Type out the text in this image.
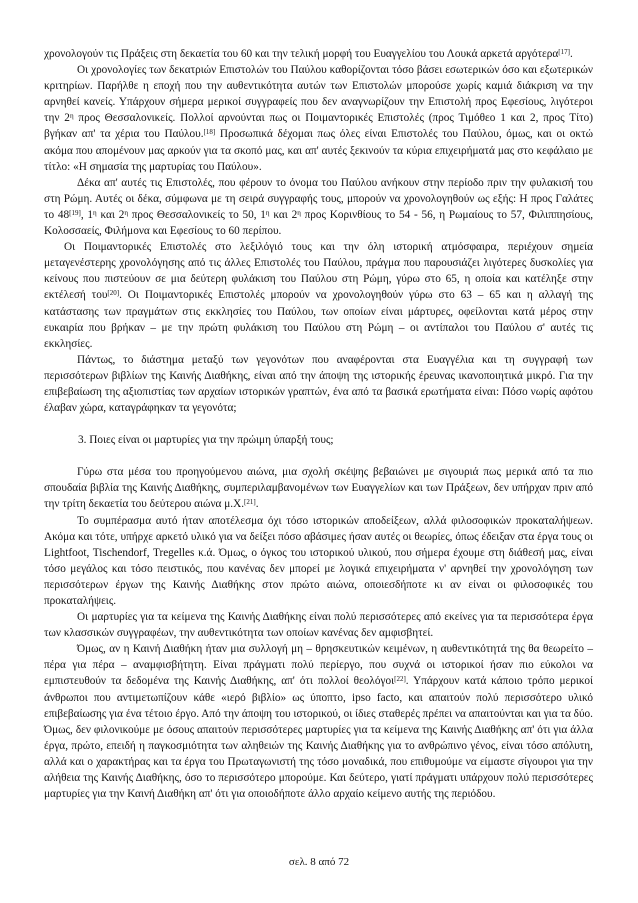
χρονολογούν τις Πράξεις στη δεκαετία του 60 και την τελική μορφή του Ευαγγελίου του Λουκά αρκετά αργότερα[17].

Οι χρονολογίες των δεκατριών Επιστολών του Παύλου καθορίζονται τόσο βάσει εσωτερικών όσο και εξωτερικών κριτηρίων. Παρήλθε η εποχή που την αυθεντικότητα αυτών των Επιστολών μπορούσε χωρίς καμιά διάκριση να την αρνηθεί κανείς. Υπάρχουν σήμερα μερικοί συγγραφείς που δεν αναγνωρίζουν την Επιστολή προς Εφεσίους, λιγότεροι την $2^\eta$ προς Θεσσαλονικείς. Πολλοί αρνούνται πως οι Ποιμαντορικές Επιστολές (προς Τιμόθεο 1 και 2, προς Τίτο) βγήκαν απ' τα χέρια του Παύλου.[18] Προσωπικά δέχομαι πως όλες είναι Επιστολές του Παύλου, όμως, και οι οκτώ ακόμα που απομένουν μας αρκούν για τα σκοπό μας, και απ' αυτές ξεκινούν τα κύρια επιχειρήματά μας στο κεφάλαιο με τίτλο: «Η σημασία της μαρτυρίας του Παύλου».

Δέκα απ' αυτές τις Επιστολές, που φέρουν το όνομα του Παύλου ανήκουν στην περίοδο πριν την φυλακισή του στη Ρώμη. Αυτές οι δέκα, σύμφωνα με τη σειρά συγγραφής τους, μπορούν να χρονολογηθούν ως εξής: Η προς Γαλάτες το 48[19], $1^\eta$ και $2^\eta$ προς Θεσσαλονικείς το 50, $1^\eta$ και $2^\eta$ προς Κορινθίους το 54 - 56, η Ρωμαίους το 57, Φιλιππησίους, Κολοσσαείς, Φιλήμονα και Εφεσίους το 60 περίπου.

Οι Ποιμαντορικές Επιστολές στο λεξιλόγιό τους και την όλη ιστορική ατμόσφαιρα, περιέχουν σημεία μεταγενέστερης χρονολόγησης από τις άλλες Επιστολές του Παύλου, πράγμα που παρουσιάζει λιγότερες δυσκολίες για κείνους που πιστεύουν σε μια δεύτερη φυλάκιση του Παύλου στη Ρώμη, γύρω στο 65, η οποία και κατέληξε στην εκτέλεσή του[20]. Οι Ποιμαντορικές Επιστολές μπορούν να χρονολογηθούν γύρω στο 63 – 65 και η αλλαγή της κατάστασης των πραγμάτων στις εκκλησίες του Παύλου, των οποίων είναι μάρτυρες, οφείλονται κατά μέρος στην ευκαιρία που βρήκαν – με την πρώτη φυλάκιση του Παύλου στη Ρώμη – οι αντίπαλοι του Παύλου σ' αυτές τις εκκλησίες.

Πάντως, το διάστημα μεταξύ των γεγονότων που αναφέρονται στα Ευαγγέλια και τη συγγραφή των περισσότερων βιβλίων της Καινής Διαθήκης, είναι από την άποψη της ιστορικής έρευνας ικανοποιητικά μικρό. Για την επιβεβαίωση της αξιοπιστίας των αρχαίων ιστορικών γραπτών, ένα από τα βασικά ερωτήματα είναι: Πόσο νωρίς αφότου έλαβαν χώρα, καταγράφηκαν τα γεγονότα;

3. Ποιες είναι οι μαρτυρίες για την πρώιμη ύπαρξή τους;

Γύρω στα μέσα του προηγούμενου αιώνα, μια σχολή σκέψης βεβαιώνει με σιγουριά πως μερικά από τα πιο σπουδαία βιβλία της Καινής Διαθήκης, συμπεριλαμβανομένων των Ευαγγελίων και των Πράξεων, δεν υπήρχαν πριν από την τρίτη δεκαετία του δεύτερου αιώνα μ.Χ.[21].

Το συμπέρασμα αυτό ήταν αποτέλεσμα όχι τόσο ιστορικών αποδείξεων, αλλά φιλοσοφικών προκαταλήψεων. Ακόμα και τότε, υπήρχε αρκετό υλικό για να δείξει πόσο αβάσιμες ήσαν αυτές οι θεωρίες, όπως έδειξαν στα έργα τους οι Lightfoot, Tischendorf, Tregelles κ.ά. Όμως, ο όγκος του ιστορικού υλικού, που σήμερα έχουμε στη διάθεσή μας, είναι τόσο μεγάλος και τόσο πειστικός, που κανένας δεν μπορεί με λογικά επιχειρήματα ν' αρνηθεί την χρονολόγηση των περισσότερων έργων της Καινής Διαθήκης στον πρώτο αιώνα, οποιεσδήποτε κι αν είναι οι φιλοσοφικές του προκαταλήψεις.

Οι μαρτυρίες για τα κείμενα της Καινής Διαθήκης είναι πολύ περισσότερες από εκείνες για τα περισσότερα έργα των κλασσικών συγγραφέων, την αυθεντικότητα των οποίων κανένας δεν αμφισβητεί.

Όμως, αν η Καινή Διαθήκη ήταν μια συλλογή μη – θρησκευτικών κειμένων, η αυθεντικότητά της θα θεωρείτο – πέρα για πέρα – αναμφισβήτητη. Είναι πράγματι πολύ περίεργο, που συχνά οι ιστορικοί ήσαν πιο εύκολοι να εμπιστευθούν τα δεδομένα της Καινής Διαθήκης, απ' ότι πολλοί θεολόγοι[22]. Υπάρχουν κατά κάποιο τρόπο μερικοί άνθρωποι που αντιμετωπίζουν κάθε «ιερό βιβλίο» ως ύποπτο, ipso facto, και απαιτούν πολύ περισσότερο υλικό επιβεβαίωσης για ένα τέτοιο έργο. Από την άποψη του ιστορικού, οι ίδιες σταθερές πρέπει να απαιτούνται και για τα δύο. Όμως, δεν φιλονικούμε με όσους απαιτούν περισσότερες μαρτυρίες για τα κείμενα της Καινής Διαθήκης απ' ότι για άλλα έργα, πρώτο, επειδή η παγκοσμιότητα των αληθειών της Καινής Διαθήκης για το ανθρώπινο γένος, είναι τόσο απόλυτη, αλλά και ο χαρακτήρας και τα έργα του Πρωταγωνιστή της τόσο μοναδικά, που επιθυμούμε να είμαστε σίγουροι για την αλήθεια της Καινής Διαθήκης, όσο το περισσότερο μπορούμε. Και δεύτερο, γιατί πράγματι υπάρχουν πολύ περισσότερες μαρτυρίες για την Καινή Διαθήκη απ' ότι για οποιοδήποτε άλλο αρχαίο κείμενο αυτής της περιόδου.

σελ. 8 από 72
